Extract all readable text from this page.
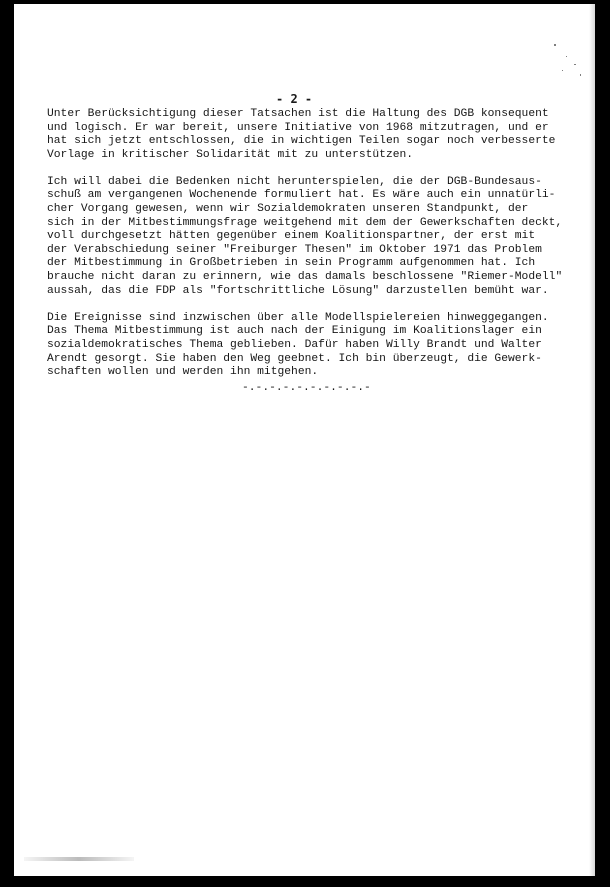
- 2 -
Unter Berücksichtigung dieser Tatsachen ist die Haltung des DGB konsequent
und logisch. Er war bereit, unsere Initiative von 1968 mitzutragen, und er
hat sich jetzt entschlossen, die in wichtigen Teilen sogar noch verbesserte
Vorlage in kritischer Solidarität mit zu unterstützen.
Ich will dabei die Bedenken nicht herunterspielen, die der DGB-Bundesaus-
schuß am vergangenen Wochenende formuliert hat. Es wäre auch ein unnatürli-
cher Vorgang gewesen, wenn wir Sozialdemokraten unseren Standpunkt, der
sich in der Mitbestimmungsfrage weitgehend mit dem der Gewerkschaften deckt,
voll durchgesetzt hätten gegenüber einem Koalitionspartner, der erst mit
der Verabschiedung seiner "Freiburger Thesen" im Oktober 1971 das Problem
der Mitbestimmung in Großbetrieben in sein Programm aufgenommen hat. Ich
brauche nicht daran zu erinnern, wie das damals beschlossene "Riemer-Modell"
aussah, das die FDP als "fortschrittliche Lösung" darzustellen bemüht war.
Die Ereignisse sind inzwischen über alle Modellspielereien hinweggegangen.
Das Thema Mitbestimmung ist auch nach der Einigung im Koalitionslager ein
sozialdemokratisches Thema geblieben. Dafür haben Willy Brandt und Walter
Arendt gesorgt. Sie haben den Weg geebnet. Ich bin überzeugt, die Gewerk-
schaften wollen und werden ihn mitgehen.
-.-.-.-.-.-.-.-.-.-
